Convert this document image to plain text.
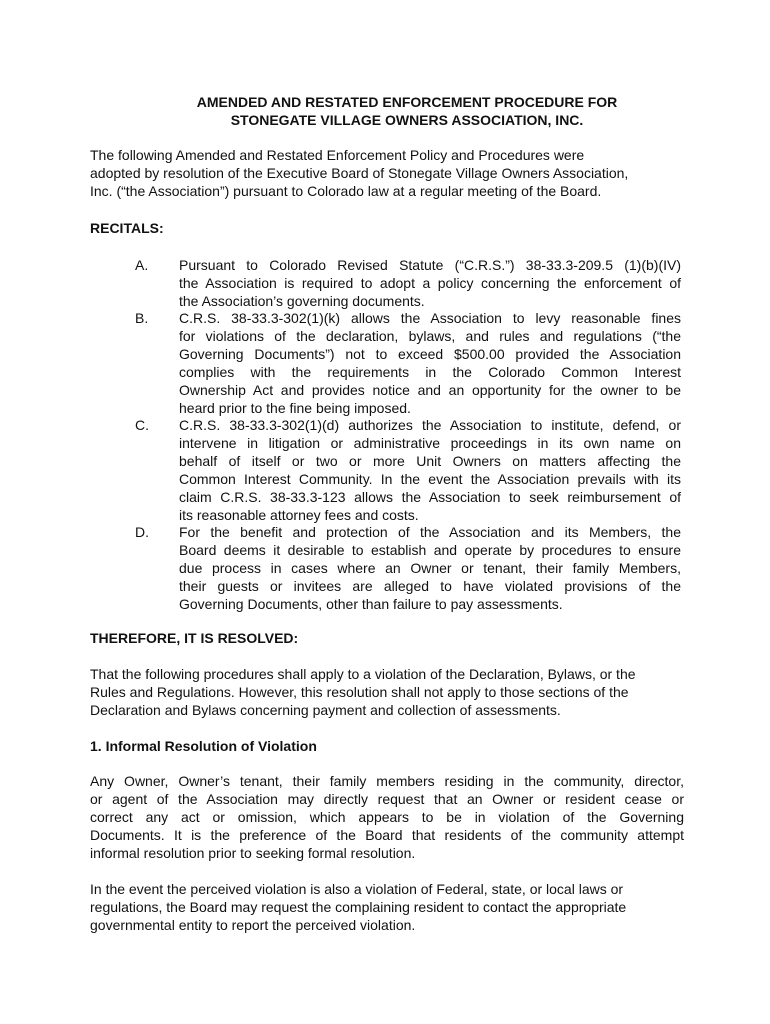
AMENDED AND RESTATED ENFORCEMENT PROCEDURE FOR
STONEGATE VILLAGE OWNERS ASSOCIATION, INC.
The following Amended and Restated Enforcement Policy and Procedures were
adopted by resolution of the Executive Board of Stonegate Village Owners Association,
Inc. (“the Association”) pursuant to Colorado law at a regular meeting of the Board.
RECITALS:
A. Pursuant to Colorado Revised Statute (“C.R.S.”) 38-33.3-209.5 (1)(b)(IV)
the Association is required to adopt a policy concerning the enforcement of
the Association’s governing documents.
B. C.R.S. 38-33.3-302(1)(k) allows the Association to levy reasonable fines
for violations of the declaration, bylaws, and rules and regulations (“the
Governing Documents”) not to exceed $500.00 provided the Association
complies with the requirements in the Colorado Common Interest
Ownership Act and provides notice and an opportunity for the owner to be
heard prior to the fine being imposed.
C. C.R.S. 38-33.3-302(1)(d) authorizes the Association to institute, defend, or
intervene in litigation or administrative proceedings in its own name on
behalf of itself or two or more Unit Owners on matters affecting the
Common Interest Community. In the event the Association prevails with its
claim C.R.S. 38-33.3-123 allows the Association to seek reimbursement of
its reasonable attorney fees and costs.
D. For the benefit and protection of the Association and its Members, the
Board deems it desirable to establish and operate by procedures to ensure
due process in cases where an Owner or tenant, their family Members,
their guests or invitees are alleged to have violated provisions of the
Governing Documents, other than failure to pay assessments.
THEREFORE, IT IS RESOLVED:
That the following procedures shall apply to a violation of the Declaration, Bylaws, or the
Rules and Regulations. However, this resolution shall not apply to those sections of the
Declaration and Bylaws concerning payment and collection of assessments.
1. Informal Resolution of Violation
Any Owner, Owner’s tenant, their family members residing in the community, director,
or agent of the Association may directly request that an Owner or resident cease or
correct any act or omission, which appears to be in violation of the Governing
Documents. It is the preference of the Board that residents of the community attempt
informal resolution prior to seeking formal resolution.
In the event the perceived violation is also a violation of Federal, state, or local laws or
regulations, the Board may request the complaining resident to contact the appropriate
governmental entity to report the perceived violation.
